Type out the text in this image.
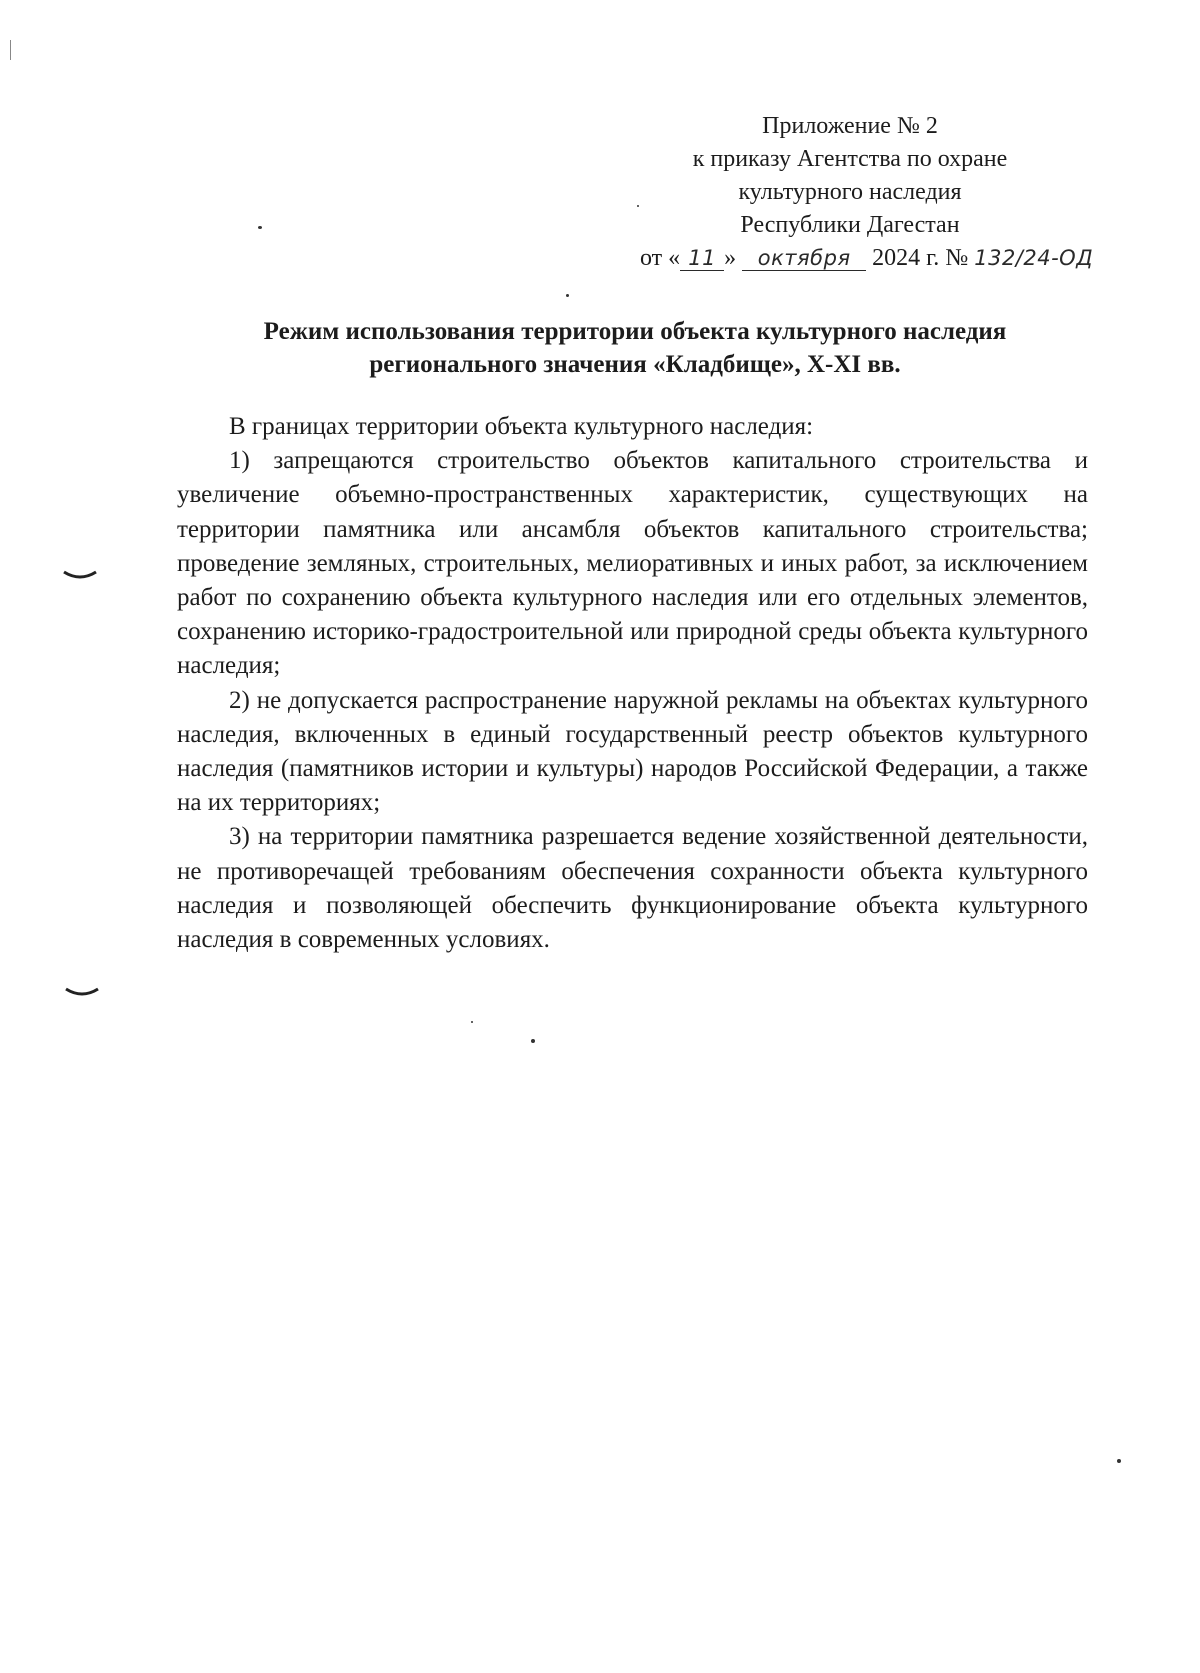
Приложение № 2
к приказу Агентства по охране
культурного наследия
Республики Дагестан
от « 11 » октября 2024 г. № 132/24-ОД
Режим использования территории объекта культурного наследия
регионального значения «Кладбище», X-XI вв.

В границах территории объекта культурного наследия:

1) запрещаются строительство объектов капитального строительства и увеличение объемно-пространственных характеристик, существующих на территории памятника или ансамбля объектов капитального строительства; проведение земляных, строительных, мелиоративных и иных работ, за исключением работ по сохранению объекта культурного наследия или его отдельных элементов, сохранению историко-градостроительной или природной среды объекта культурного наследия;

2) не допускается распространение наружной рекламы на объектах культурного наследия, включенных в единый государственный реестр объектов культурного наследия (памятников истории и культуры) народов Российской Федерации, а также на их территориях;

3) на территории памятника разрешается ведение хозяйственной деятельности, не противоречащей требованиям обеспечения сохранности объекта культурного наследия и позволяющей обеспечить функционирование объекта культурного наследия в современных условиях.
